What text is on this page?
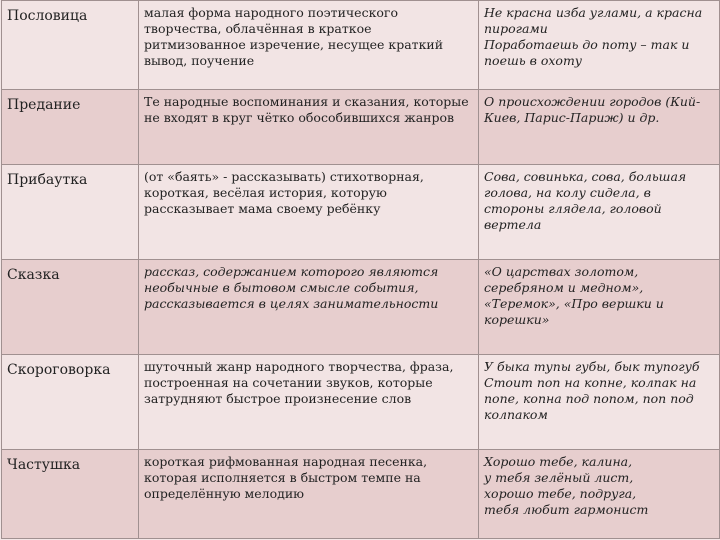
Пословица	малая форма народного поэтического творчества, облачённая в краткое ритмизованное изречение, несущее краткий вывод, поучение	Не красна изба углами, а красна пирогами
Поработаешь до поту – так и поешь в охоту
Предание	Те народные воспоминания и сказания, которые не входят в круг чётко обособившихся жанров	О происхождении городов (Кий-Киев, Парис-Париж) и др.
Прибаутка	(от «баять» - рассказывать) стихотворная, короткая, весёлая история, которую рассказывает мама своему ребёнку	Сова, совинька, сова, большая голова, на колу сидела, в стороны глядела, головой вертела
Сказка	рассказ, содержанием которого являются необычные в бытовом смысле события, рассказывается в целях занимательности	«О царствах золотом, серебряном и медном», «Теремок», «Про вершки и корешки»
Скороговорка	шуточный жанр народного творчества, фраза, построенная на сочетании звуков, которые затрудняют быстрое произнесение слов	У быка тупы губы, бык тупогуб
Стоит поп на копне, колпак на попе, копна под попом, поп под колпаком
Частушка	короткая рифмованная народная песенка, которая исполняется в быстром темпе на определённую мелодию	Хорошо тебе, калина,
у тебя зелёный лист,
хорошо тебе, подруга,
тебя любит гармонист
